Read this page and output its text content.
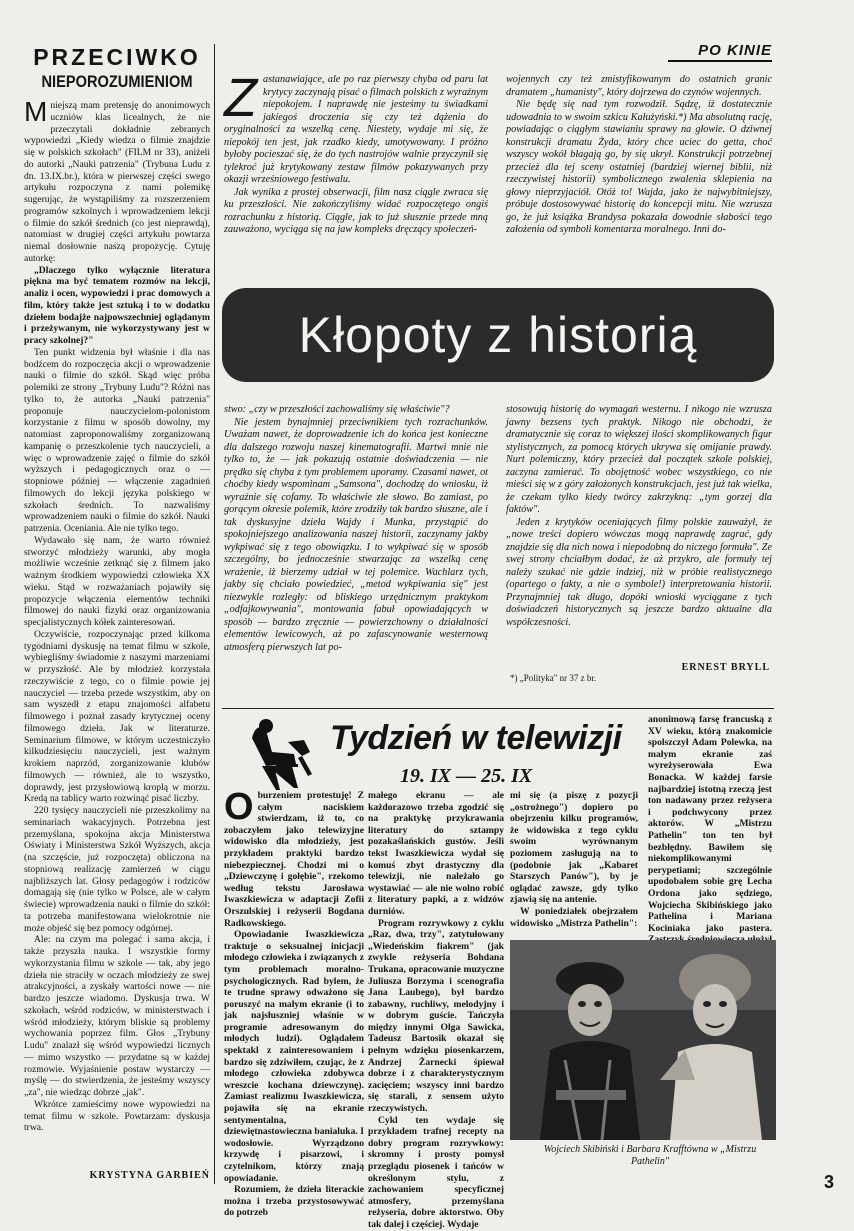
PRZECIWKO
NIEPOROZUMIENIOM

Mniejszą mam pretensję do anonimowych uczniów klas licealnych, że nie przeczytali dokładnie zebranych wypowiedzi „Kiedy wiedza o filmie znajdzie się w polskich szkołach" (FILM nr 33), aniżeli do autorki „Nauki patrzenia" (Trybuna Ludu z dn. 13.IX.br.), która w pierwszej części swego artykułu rozpoczyna z nami polemikę sugerując, że wystąpiliśmy za rozszerzeniem programów szkolnych i wprowadzeniem lekcji o filmie do szkół średnich (co jest nieprawdą), natomiast w drugiej części artykułu powtarza niemal dosłownie naszą propozycję. Cytuję autorkę:

„Dlaczego tylko wyłącznie literatura piękna ma być tematem rozmów na lekcji, analiz i ocen, wypowiedzi i prac domowych a film, który także jest sztuką i to w dodatku dziełem bodajże najpowszechniej oglądanym i przeżywanym, nie wykorzystywany jest w pracy szkolnej?"

Ten punkt widzenia był właśnie i dla nas bodźcem do rozpoczęcia akcji o wprowadzenie nauki o filmie do szkół. Skąd więc próba polemiki ze strony „Trybuny Ludu"? Różni nas tylko to, że autorka „Nauki patrzenia" proponuje nauczycielom-polonistom korzystanie z filmu w sposób dowolny, my natomiast zaproponowaliśmy zorganizowaną kampanię o przeszkolenie tych nauczycieli, a więc o wprowadzenie zajęć o filmie do szkół wyższych i pedagogicznych oraz o — stopniowe później — włączenie zagadnień filmowych do lekcji języka polskiego w szkołach średnich. To nazwaliśmy wprowadzeniem nauki o filmie do szkół. Nauki patrzenia. Oceniania. Ale nie tylko tego.

Wydawało się nam, że warto również stworzyć młodzieży warunki, aby mogła możliwie wcześnie zetknąć się z filmem jako ważnym środkiem wypowiedzi człowieka XX wieku. Stąd w rozważaniach pojawiły się propozycje włączenia elementów techniki filmowej do nauki fizyki oraz organizowania specjalistycznych kółek zainteresowań.

Oczywiście, rozpoczynając przed kilkoma tygodniami dyskusję na temat filmu w szkole, wybiegliśmy świadomie z naszymi marzeniami w przyszłość. Ale by młodzież korzystała rzeczywiście z tego, co o filmie powie jej nauczyciel — trzeba przede wszystkim, aby on sam wyszedł z etapu znajomości alfabetu filmowego i poznał zasady krytycznej oceny filmowego dzieła. Jak w literaturze. Seminarium filmowe, w którym uczestniczyło kilkudziesięciu nauczycieli, jest ważnym krokiem naprzód, zorganizowanie klubów filmowych — również, ale to wszystko, doprawdy, jest przysłowiową kroplą w morzu. Kredą na tablicy warto rozwinąć pisać liczby.

220 tysięcy nauczycieli nie przeszkolimy na seminariach wakacyjnych. Potrzebna jest przemyślana, spokojna akcja Ministerstwa Oświaty i Ministerstwa Szkół Wyższych, akcja (na szczęście, już rozpoczęta) obliczona na stopniową realizację zamierzeń w ciągu najbliższych lat. Głosy pedagogów i rodziców domagają się (nie tylko w Polsce, ale w całym świecie) wprowadzenia nauki o filmie do szkół: ta potrzeba manifestowana wielokrotnie nie może objeść się bez pomocy odgórnej.

Ale: na czym ma polegać i sama akcja, i także przyszła nauka. I wszystkie formy wykorzystania filmu w szkole — tak, aby jego dzieła nie straciły w oczach młodzieży ze swej atrakcyjności, a zyskały wartości nowe — nie bardzo jeszcze wiadomo. Dyskusja trwa. W szkołach, wśród rodziców, w ministerstwach i wśród młodzieży, którym bliskie są problemy wychowania poprzez film. Głos „Trybuny Ludu" znalazł się wśród wypowiedzi licznych — mimo wszystko — przydatne są w każdej rozmowie. Wyjaśnienie postaw wystarczy — myślę — do stwierdzenia, że jesteśmy wszyscy „za", nie wiedząc dobrze „jak".

Wkrótce zamieścimy nowe wypowiedzi na temat filmu w szkole. Powtarzam: dyskusja trwa.

KRYSTYNA GARBIEŃ
PO KINIE

Zastanawiające, ale po raz pierwszy chyba od paru lat krytycy zaczynają pisać o filmach polskich z wyraźnym niepokojem. I naprawdę nie jesteśmy tu świadkami jakiegoś droczenia się czy też dążenia do oryginalności za wszelką cenę. Niestety, wydaje mi się, że niepokój ten jest, jak rzadko kiedy, umotywowany. I próżno byłoby pocieszać się, że do tych nastrojów walnie przyczynił się tylekroć już krytykowany zestaw filmów pokazywanych przy okazji wrześniowego festiwalu.

Jak wynika z prostej obserwacji, film nasz ciągle zwraca się ku przeszłości. Nie zakończyliśmy widać rozpoczętego ongiś rozrachunku z historią. Ciągle, jak to już słusznie przede mną zauważono, wyciąga się na jaw kompleks dręczący społeczeń-

wojennych czy też zmistyfikowanym do ostatnich granic dramatem „humanisty", który dojrzewa do czynów wojennych.

Nie będę się nad tym rozwodził. Sądzę, iż dostatecznie udowadnia to w swoim szkicu Kałużyński.*) Ma absolutną rację, powiadając o ciągłym stawianiu sprawy na głowie. O dziwnej konstrukcji dramatu Żyda, który chce uciec do getta, choć wszyscy wokół błagają go, by się ukrył. Konstrukcji potrzebnej przecież dla tej sceny ostatniej (bardziej wiernej biblii, niż rzeczywistej historii) symbolicznego zwalenia sklepienia na głowy nieprzyjaciół. Otóż to! Wajda, jako że najwybitniejszy, próbuje dostosowywać historię do koncepcji mitu. Nie wzrusza go, że już książka Brandysa pokazała dowodnie słabości tego założenia od symboli komentarza moralnego. Inni do-

Kłopoty z historią

stwo: „czy w przeszłości zachowaliśmy się właściwie"?

Nie jestem bynajmniej przeciwnikiem tych rozrachunków. Uważam nawet, że doprowadzenie ich do końca jest konieczne dla dalszego rozwoju naszej kinematografii. Martwi mnie nie tylko to, że — jak pokazują ostatnie doświadczenia — nie prędko się chyba z tym problemem uporamy. Czasami nawet, ot choćby kiedy wspominam „Samsona", dochodzę do wniosku, iż wyraźnie się cofamy. To właściwie złe słowo. Bo zamiast, po gorącym okresie polemik, które zrodziły tak bardzo słuszne, ale i tak dyskusyjne dzieła Wajdy i Munka, przystąpić do spokojniejszego analizowania naszej historii, zaczynamy jakby wykpiwać się z tego obowiązku. I to wykpiwać się w sposób szczególny, bo jednocześnie stwarzając za wszelką cenę wrażenie, iż bierzemy udział w tej polemice. Wachlarz tych, jakby się chciało powiedzieć, „metod wykpiwania się" jest niezwykle rozległy: od bliskiego urzędnicznym praktykom „odfajkowywania", montowania fabuł opowiadających w sposób — bardzo zręcznie — powierzchowny o działalności elementów lewicowych, aż po zafascynowanie westernową atmosferą pierwszych lat po-

stosowują historię do wymagań westernu. I nikogo nie wzrusza jawny bezsens tych praktyk. Nikogo nie obchodzi, że dramatycznie się coraz to większej ilości skomplikowanych figur stylistycznych, za pomocą których ukrywa się omijanie prawdy. Nurt polemiczny, który przecież dał początek szkole polskiej, zaczyna zamierać. To obojętność wobec wszystkiego, co nie mieści się w z góry założonych konstrukcjach, jest już tak wielka, że czekam tylko kiedy twórcy zakrzykną: „tym gorzej dla faktów".

Jeden z krytyków oceniających filmy polskie zauważył, że „nowe treści dopiero wówczas mogą naprawdę zagrać, gdy znajdzie się dla nich nowa i niepodobną do niczego formuła". Ze swej strony chciałbym dodać, że aż przykro, ale formuły tej należy szukać nie gdzie indziej, niż w próbie realistycznego (opartego o fakty, a nie o symbole!) interpretowania historii. Przynajmniej tak długo, dopóki wnioski wyciągane z tych doświadczeń historycznych są jeszcze bardzo aktualne dla współczesności.

ERNEST BRYLL
*) „Polityka" nr 37 z br.
Tydzień w telewizji
19. IX — 25. IX

Oburzeniem protestuję! Z całym naciskiem stwierdzam, iż to, co zobaczyłem jako telewizyjne widowisko dla młodzieży, jest przykładem praktyki bardzo niebezpiecznej. Chodzi mi o „Dziewczynę i gołębie", rzekomo według tekstu Jarosława Iwaszkiewicza w adaptacji Zofii Orszulskiej i reżyserii Bogdana Radkowskiego.

Opowiadanie Iwaszkiewicza traktuje o seksualnej inicjacji młodego człowieka i związanych z tym problemach moralno-psychologicznych. Rad bylem, że te trudne sprawy odważono się poruszyć na małym ekranie (i to jak najsłuszniej właśnie w programie adresowanym do młodych ludzi). Oglądałem spektakl z zainteresowaniem i bardzo się zdziwiłem, czując, że z młodego człowieka zdobywca wreszcie kochana dziewczynę). Zamiast realizmu Iwaszkiewicza, pojawiła się na ekranie sentymentalna, dziewiętnastowieczna banialuka. I wodosłowie. Wyrządzono krzywdę i pisarzowi, i czytelnikom, którzy znają opowiadanie.

Rozumiem, że dzieła literackie można i trzeba przystosowywać do potrzeb

małego ekranu — ale każdorazowo trzeba zgodzić się na praktykę przykrawania literatury do sztampy pozakaślańskich gustów. Jeśli tekst Iwaszkiewicza wydał się komuś zbyt drastyczny dla telewizji, nie należało go wystawiać — ale nie wolno robić z literatury papki, a z widzów durniów.

Program rozrywkowy z cyklu „Raz, dwa, trzy", zatytułowany „Wiedeńskim fiakrem" (jak zwykle reżyseria Bohdana Trukana, opracowanie muzyczne Juliusza Borzyma i scenografia Jana Laubego), był bardzo zabawny, ruchliwy, melodyjny i w dobrym guście. Tańczyła między innymi Olga Sawicka, Tadeusz Bartosik okazał się pełnym wdzięku piosenkarzem, Andrzej Żarnecki śpiewał dobrze i z charakterystycznym zacięciem; wszyscy inni bardzo się starali, z sensem użyto rzeczywistych.

Cykl ten wydaje się przykładem trafnej recepty na dobry program rozrywkowy: skromny i prosty pomysł przeglądu piosenek i tańców w określonym stylu, z zachowaniem specyficznej atmosfery, przemyślana reżyseria, dobre aktorstwo. Oby tak dalej i częściej. Wydaje

mi się (a piszę z pozycji „ostrożnego") dopiero po obejrzeniu kilku programów, że widowiska z tego cyklu swoim wyrównanym poziomem zasługują na to (podobnie jak „Kabaret Starszych Panów"), by je oglądać zawsze, gdy tylko zjawią się na antenie.

W poniedziałek obejrzałem widowisko „Mistrza Pathelin":

anonimową farsę francuską z XV wieku, którą znakomicie spolszczył Adam Polewka, na małym ekranie zaś wyreżyserowała Ewa Bonacka. W każdej farsie najbardziej istotną rzeczą jest ton nadawany przez reżysera i podchwycony przez aktorów. W „Mistrzu Pathelin" ton ten był bezbłędny. Bawiłem się niekomplikowanymi perypetiami; szczególnie upodobałem sobie grę Lecha Ordona jako sędziego, Wojciecha Skibińskiego jako Pathelina i Mariana Kociniaka jako pastera.

Wojciech Skibiński i Barbara Krafftówna w „Mistrzu Pathelin"
3
